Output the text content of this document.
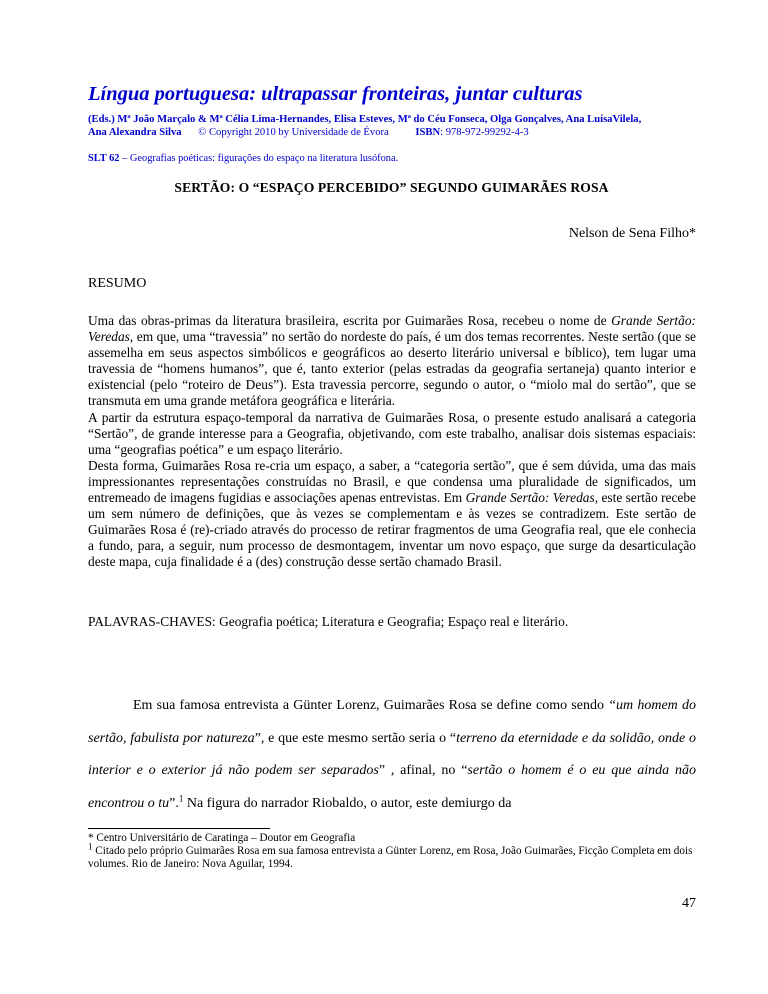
Língua portuguesa: ultrapassar fronteiras, juntar culturas
(Eds.) Mª João Marçalo & Mª Célia Lima-Hernandes, Elisa Esteves, Mª do Céu Fonseca, Olga Gonçalves, Ana LuísaVilela,
Ana Alexandra Silva © Copyright 2010 by Universidade de Évora	ISBN: 978-972-99292-4-3
SLT 62 – Geografias poéticas: figurações do espaço na literatura lusófona.
SERTÃO: O “ESPAÇO PERCEBIDO” SEGUNDO GUIMARÃES ROSA
Nelson de Sena Filho*
RESUMO

Uma das obras-primas da literatura brasileira, escrita por Guimarães Rosa, recebeu o nome de Grande Sertão: Veredas, em que, uma “travessia” no sertão do nordeste do país, é um dos temas recorrentes. Neste sertão (que se assemelha em seus aspectos simbólicos e geográficos ao deserto literário universal e bíblico), tem lugar uma travessia de “homens humanos”, que é, tanto exterior (pelas estradas da geografia sertaneja) quanto interior e existencial (pelo “roteiro de Deus”). Esta travessia percorre, segundo o autor, o “miolo mal do sertão”, que se transmuta em uma grande metáfora geográfica e literária.

A partir da estrutura espaço-temporal da narrativa de Guimarães Rosa, o presente estudo analisará a categoria “Sertão”, de grande interesse para a Geografia, objetivando, com este trabalho, analisar dois sistemas espaciais: uma “geografias poética” e um espaço literário.

Desta forma, Guimarães Rosa re-cria um espaço, a saber, a “categoria sertão”, que é sem dúvida, uma das mais impressionantes representações construídas no Brasil, e que condensa uma pluralidade de significados, um entremeado de imagens fugidias e associações apenas entrevistas. Em Grande Sertão: Veredas, este sertão recebe um sem número de definições, que às vezes se complementam e às vezes se contradizem. Este sertão de Guimarães Rosa é (re)-criado através do processo de retirar fragmentos de uma Geografia real, que ele conhecia a fundo, para, a seguir, num processo de desmontagem, inventar um novo espaço, que surge da desarticulação deste mapa, cuja finalidade é a (des) construção desse sertão chamado Brasil.

PALAVRAS-CHAVES: Geografia poética; Literatura e Geografia; Espaço real e literário.

Em sua famosa entrevista a Günter Lorenz, Guimarães Rosa se define como sendo “um homem do sertão, fabulista por natureza”, e que este mesmo sertão seria o “terreno da eternidade e da solidão, onde o interior e o exterior já não podem ser separados” , afinal, no “sertão o homem é o eu que ainda não encontrou o tu”.$^1$ Na figura do narrador Riobaldo, o autor, este demiurgo da

* Centro Universitário de Caratinga – Doutor em Geografia
$^1$ Citado pelo próprio Guimarães Rosa em sua famosa entrevista a Günter Lorenz, em Rosa, João Guimarães, Ficção Completa em dois volumes. Rio de Janeiro: Nova Aguilar, 1994.
47
